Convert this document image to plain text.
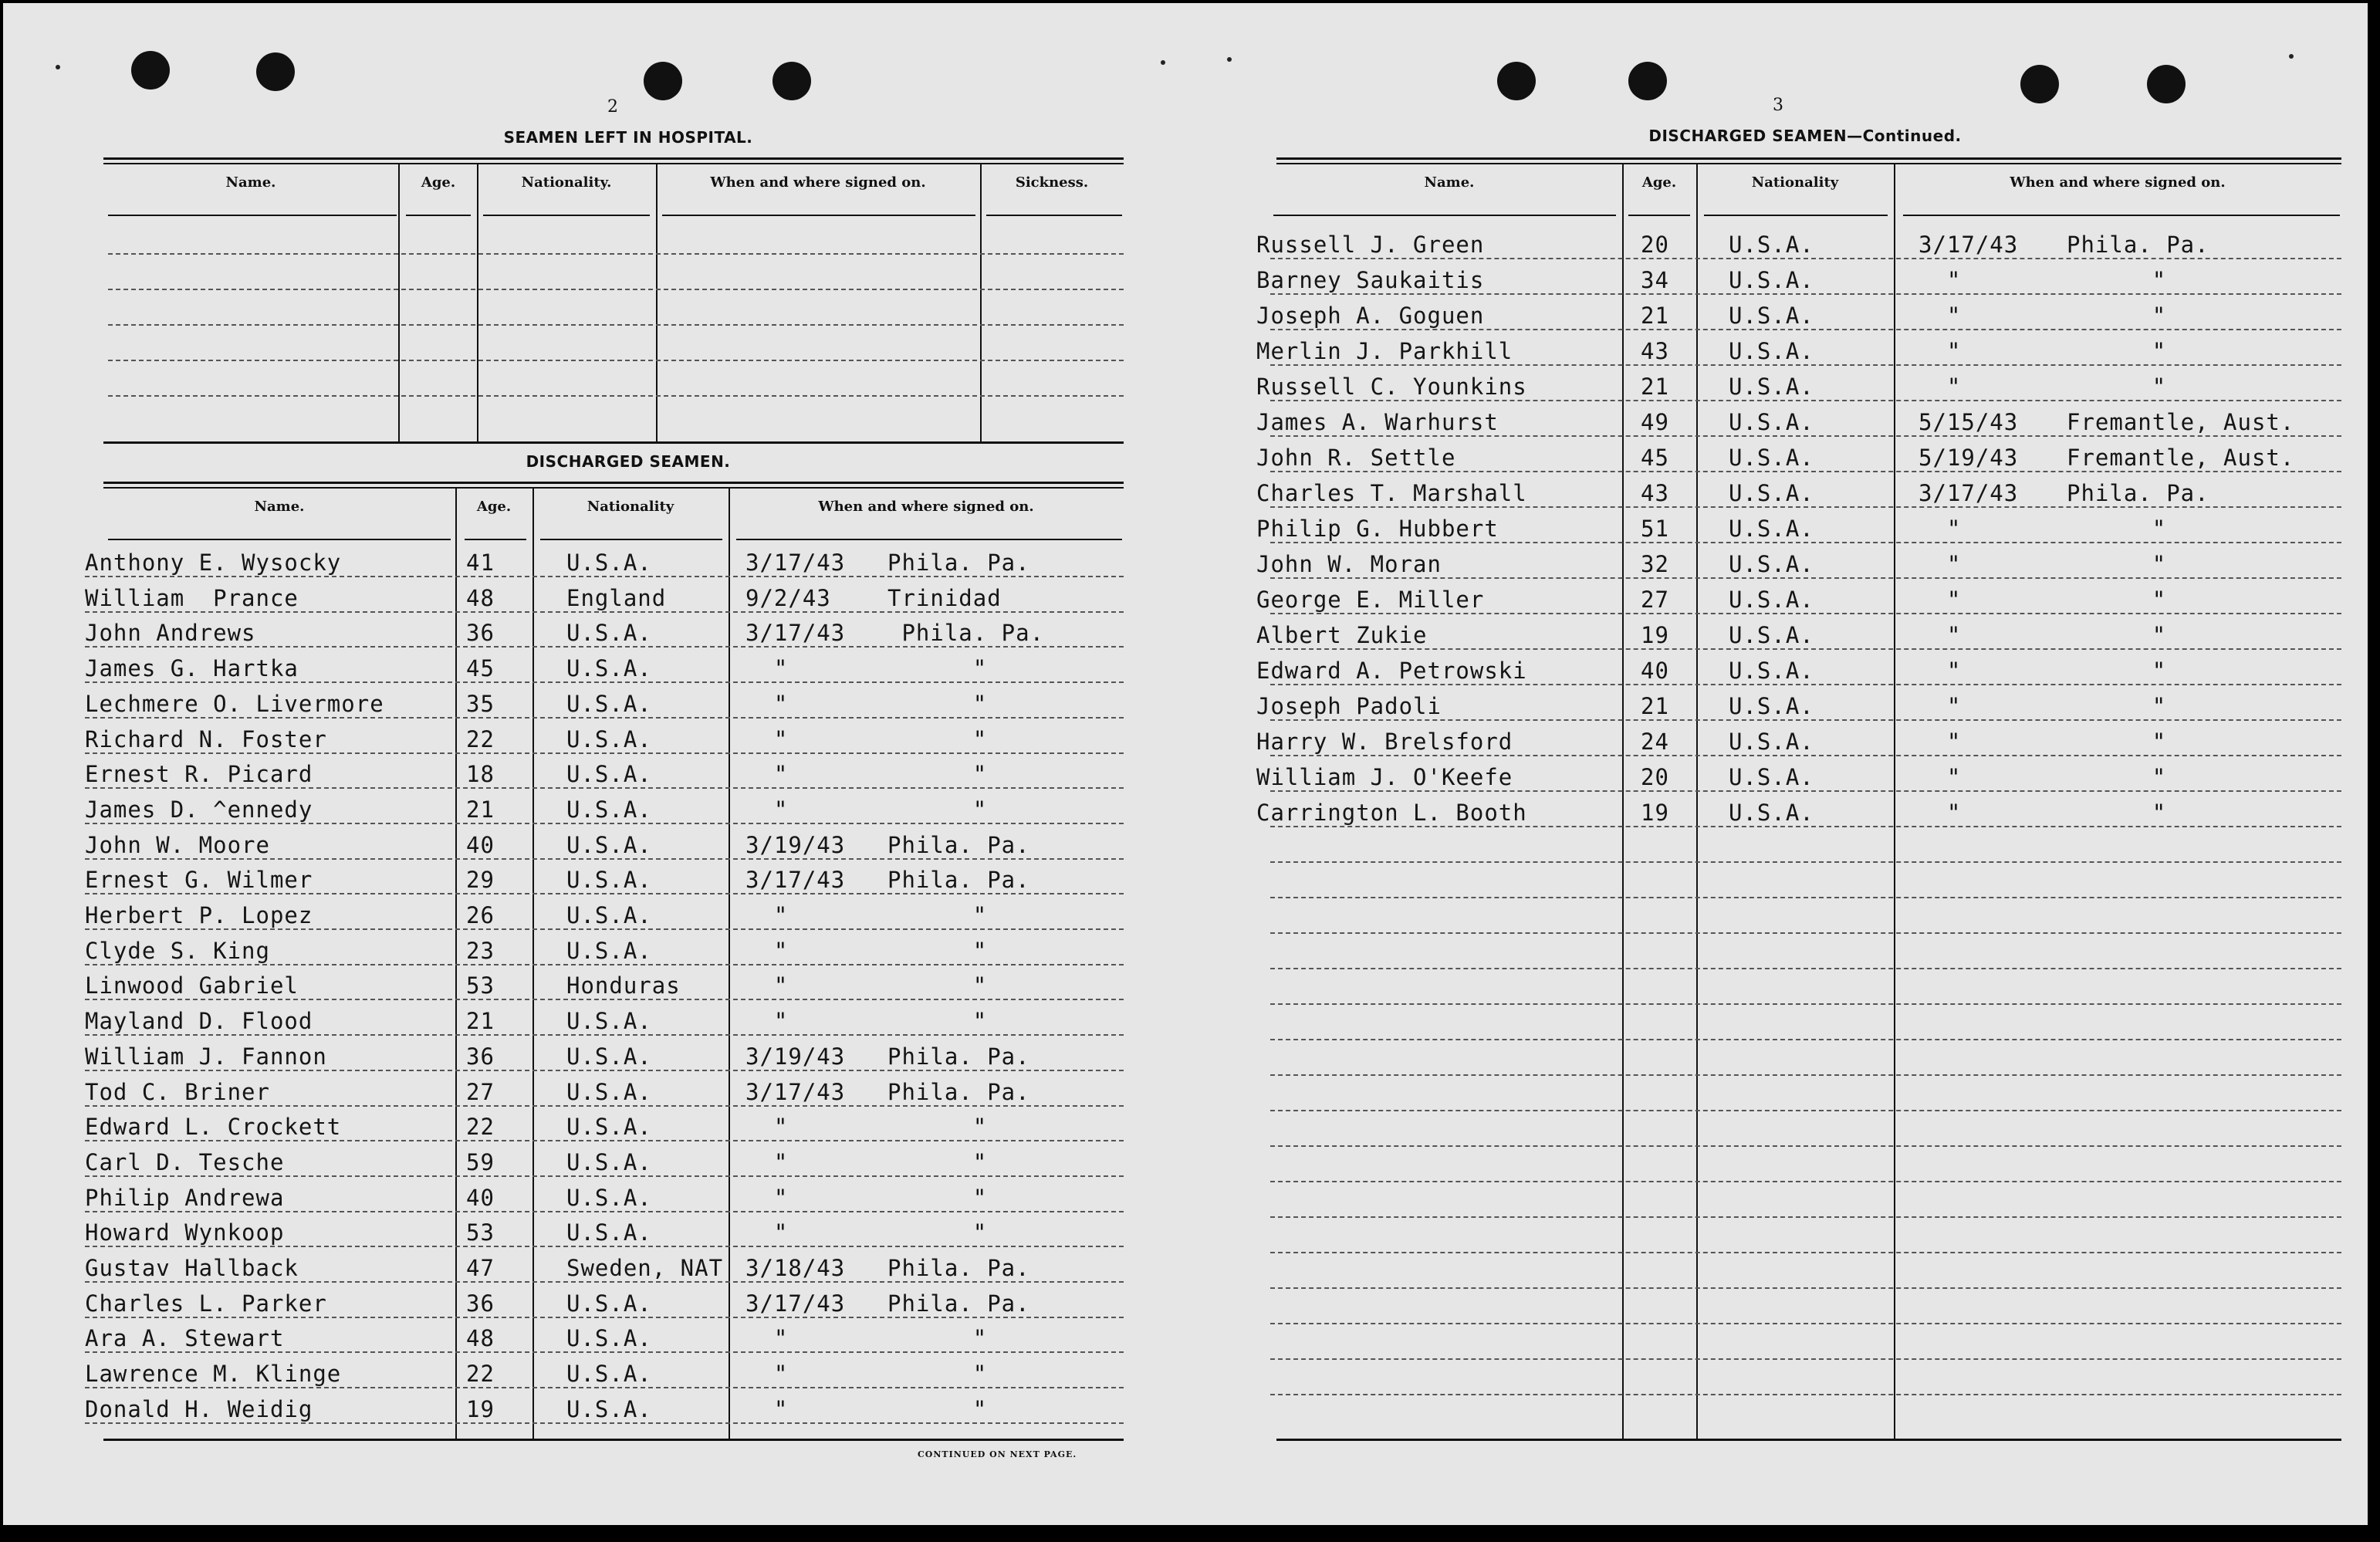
2
SEAMEN LEFT IN HOSPITAL.
Name.	Age.	Nationality.	When and where signed on.	Sickness.
DISCHARGED SEAMEN.
Name.	Age.	Nationality	When and where signed on.
Anthony E. Wysocky	41	U.S.A.	3/17/43 Phila. Pa.
William  Prance	48	England	9/2/43	Trinidad
John Andrews	36	U.S.A.	3/17/43 Phila. Pa.
James G. Hartka	45	U.S.A.	"	"
Lechmere O. Livermore	35	U.S.A.	"	"
Richard N. Foster	22	U.S.A.	"	"
Ernest R. Picard	18	U.S.A.	"	"
James D. ^ennedy	21	U.S.A.	"	"
John W. Moore	40	U.S.A.	3/19/43 Phila. Pa.
Ernest G. Wilmer	29	U.S.A.	3/17/43 Phila. Pa.
Herbert P. Lopez	26	U.S.A.	"	"
Clyde S. King	23	U.S.A.	"	"
Linwood Gabriel	53	Honduras	"	"
Mayland D. Flood	21	U.S.A.	"	"
William J. Fannon	36	U.S.A.	3/19/43 Phila. Pa.
Tod C. Briner	27	U.S.A.	3/17/43 Phila. Pa.
Edward L. Crockett	22	U.S.A.	"	"
Carl D. Tesche	59	U.S.A.	"	"
Philip Andrewa	40	U.S.A.	"	"
Howard Wynkoop	53	U.S.A.	"	"
Gustav Hallback	47	Sweden, NAT 3/18/43 Phila. Pa.
Charles L. Parker	36	U.S.A.	3/17/43 Phila. Pa.
Ara A. Stewart	48	U.S.A.	"	"
Lawrence M. Klinge	22	U.S.A.	"	"
Donald H. Weidig	19	U.S.A.	"	"
CONTINUED ON NEXT PAGE.
3
DISCHARGED SEAMEN—Continued.
Name.	Age.	Nationality	When and where signed on.
Russell J. Green	20	U.S.A.	3/17/43 Phila. Pa.
Barney Saukaitis	34	U.S.A.	"	"
Joseph A. Goguen	21	U.S.A.	"	"
Merlin J. Parkhill	43	U.S.A.	"	"
Russell C. Younkins	21	U.S.A.	"	"
James A. Warhurst	49	U.S.A.	5/15/43 Fremantle, Aust.
John R. Settle	45	U.S.A.	5/19/43 Fremantle, Aust.
Charles T. Marshall	43	U.S.A.	3/17/43 Phila. Pa.
Philip G. Hubbert	51	U.S.A.	"	"
John W. Moran	32	U.S.A.	"	"
George E. Miller	27	U.S.A.	"	"
Albert Zukie	19	U.S.A.	"	"
Edward A. Petrowski	40	U.S.A.	"	"
Joseph Padoli	21	U.S.A.	"	"
Harry W. Brelsford	24	U.S.A.	"	"
William J. O'Keefe	20	U.S.A.	"	"
Carrington L. Booth	19	U.S.A.	"	"
